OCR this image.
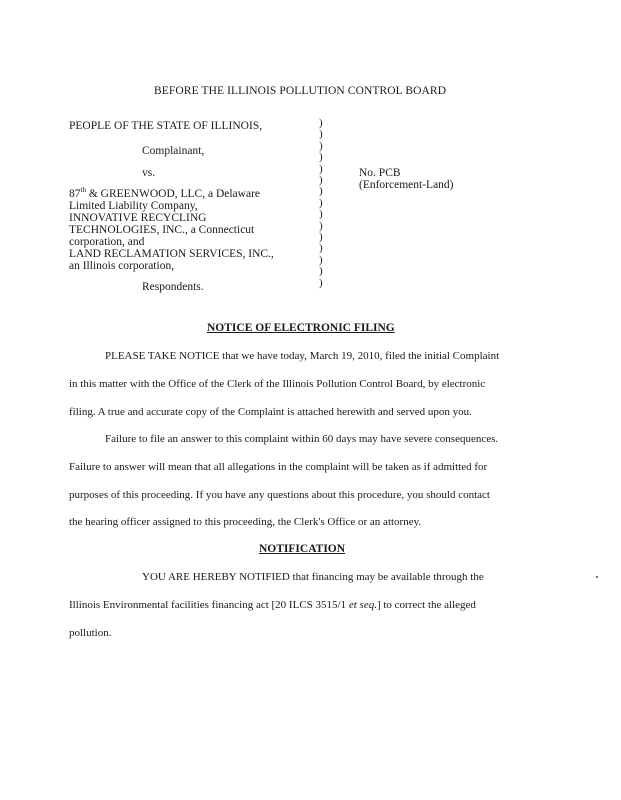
BEFORE THE ILLINOIS POLLUTION CONTROL BOARD
PEOPLE OF THE STATE OF ILLINOIS,
Complainant,
vs.
87th & GREENWOOD, LLC, a Delaware
Limited Liability Company,
INNOVATIVE RECYCLING
TECHNOLOGIES, INC., a Connecticut
corporation, and
LAND RECLAMATION SERVICES, INC.,
an Illinois corporation,
Respondents.
)
)
)
)
)
)
)
)
)
)
)
)
)
)
)
No. PCB
(Enforcement-Land)
NOTICE OF ELECTRONIC FILING
PLEASE TAKE NOTICE that we have today, March 19, 2010, filed the initial Complaint
in this matter with the Office of the Clerk of the Illinois Pollution Control Board, by electronic
filing. A true and accurate copy of the Complaint is attached herewith and served upon you.
Failure to file an answer to this complaint within 60 days may have severe consequences.
Failure to answer will mean that all allegations in the complaint will be taken as if admitted for
purposes of this proceeding. If you have any questions about this procedure, you should contact
the hearing officer assigned to this proceeding, the Clerk's Office or an attorney.
NOTIFICATION
YOU ARE HEREBY NOTIFIED that financing may be available through the
Illinois Environmental facilities financing act [20 ILCS 3515/1 et seq.] to correct the alleged
pollution.
